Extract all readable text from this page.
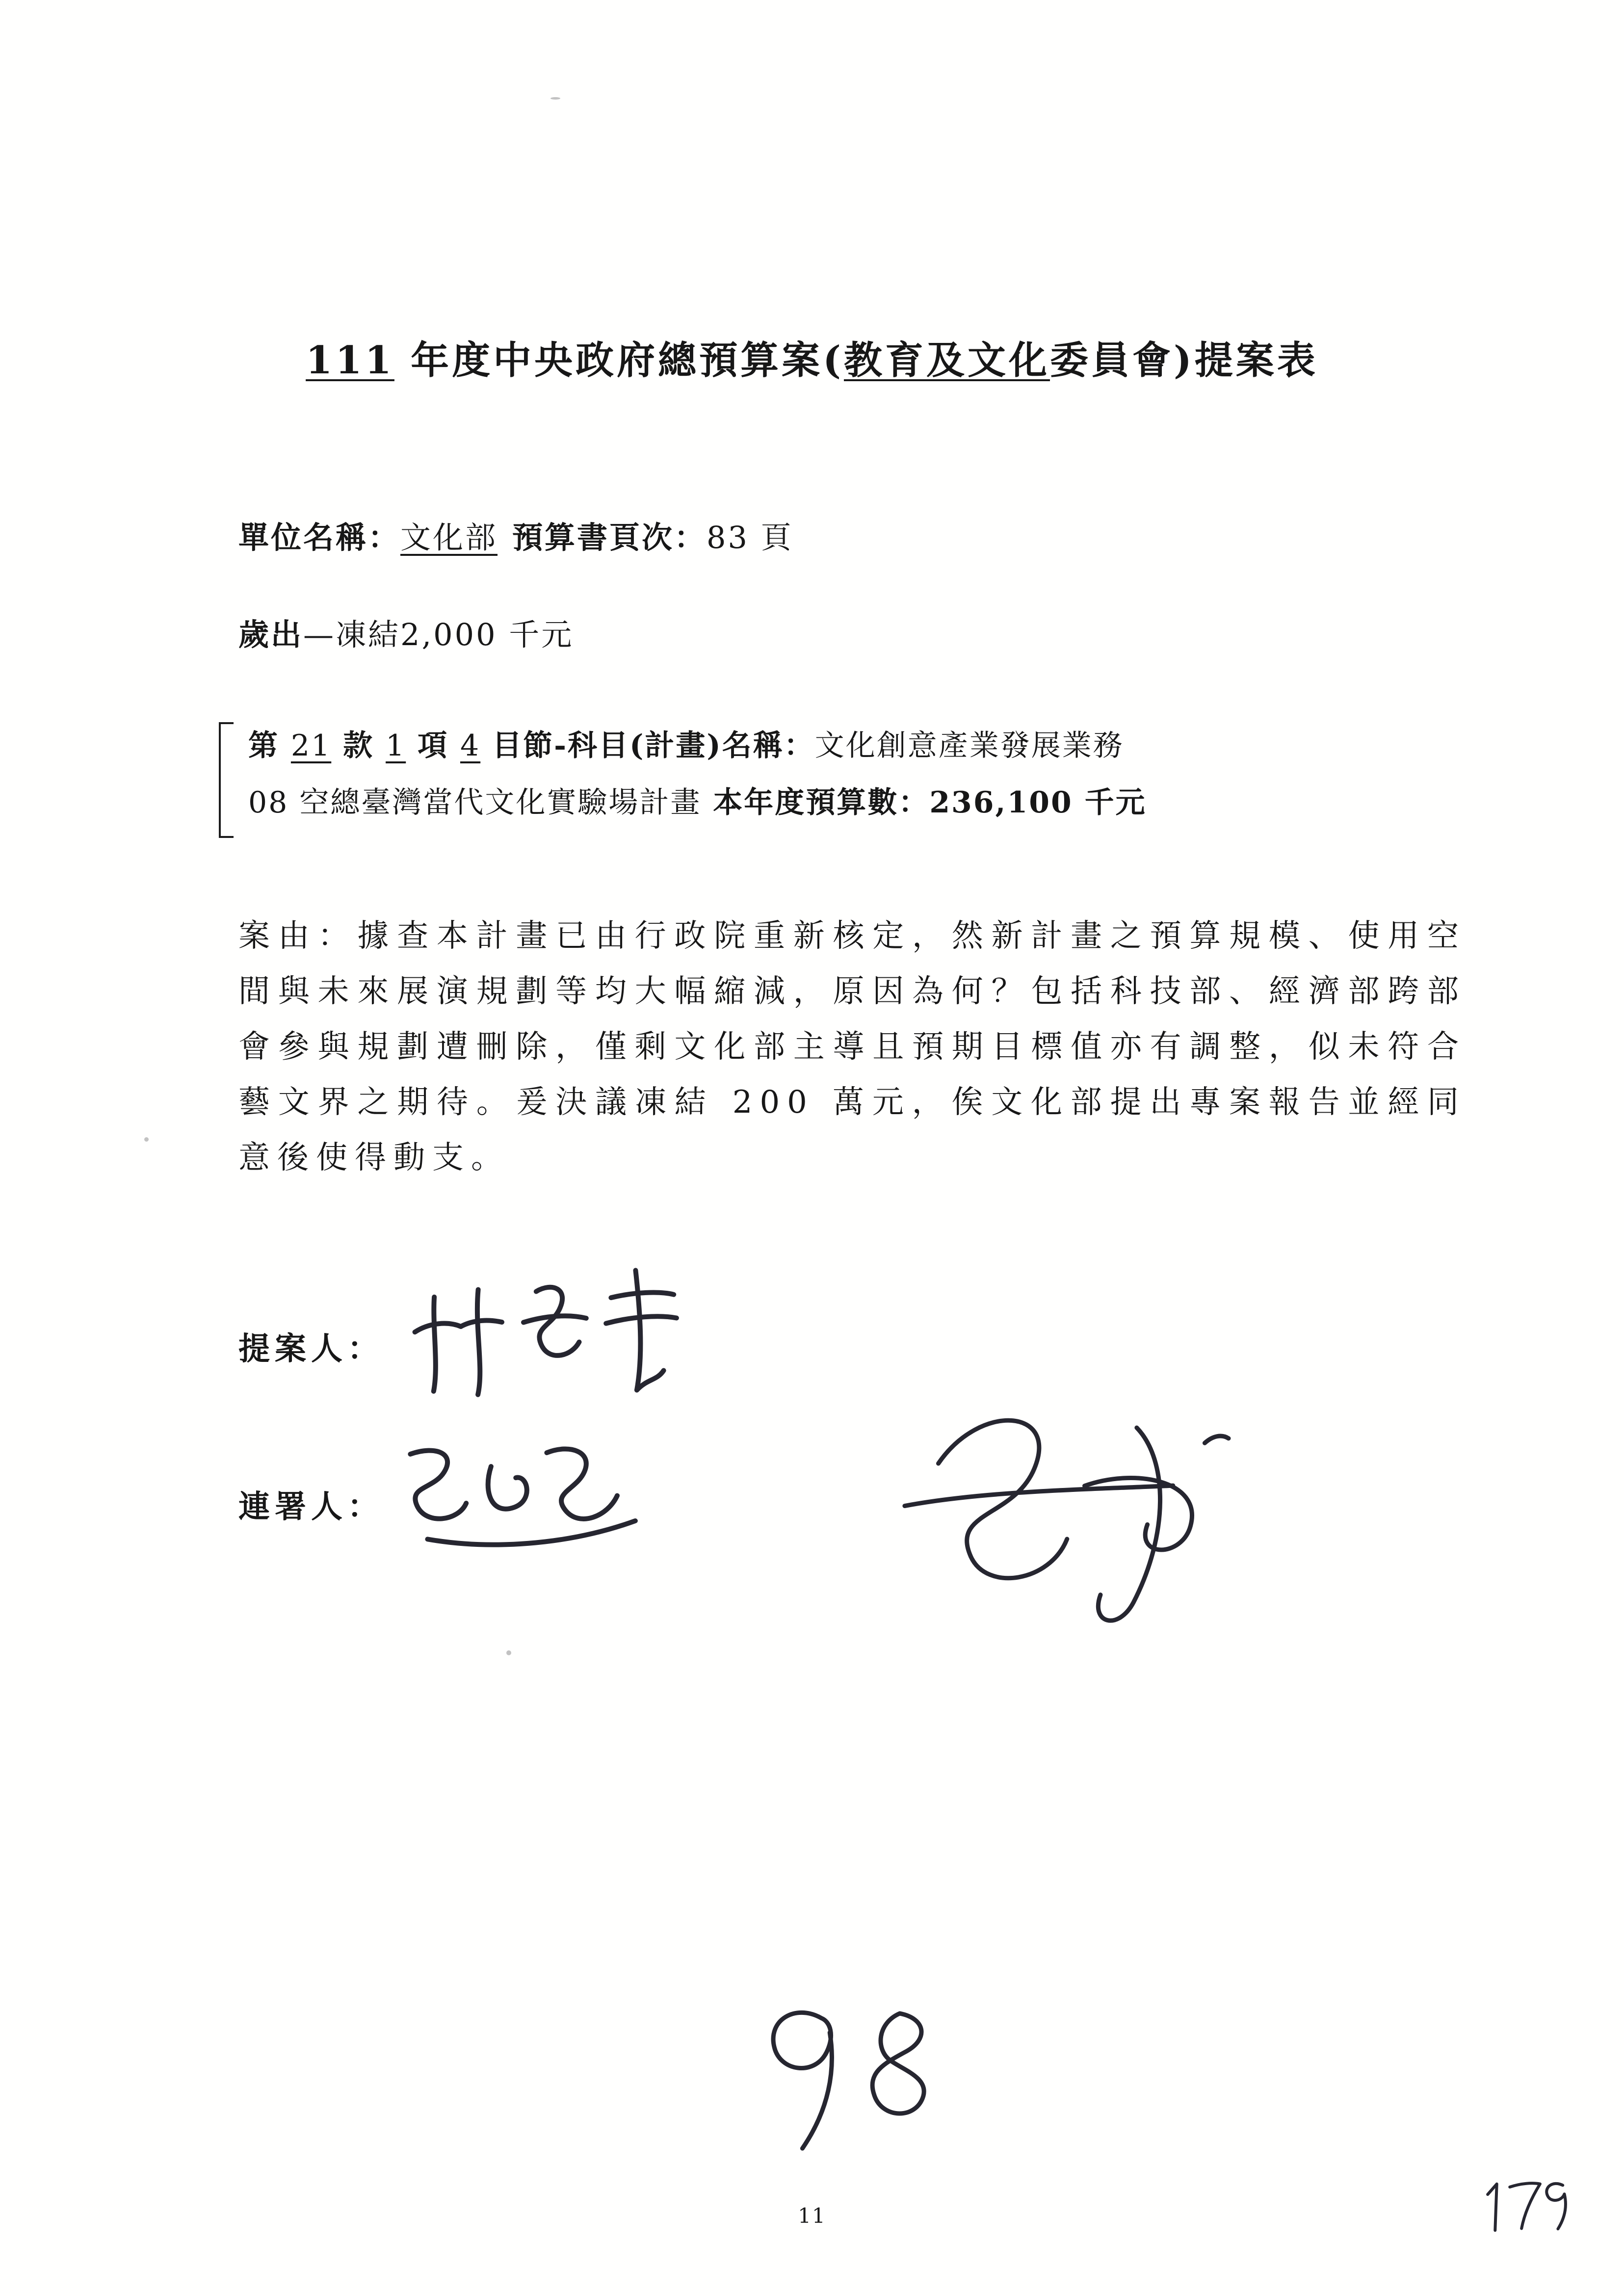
111 年度中央政府總預算案(教育及文化委員會)提案表
單位名稱：文化部 預算書頁次：83 頁
歲出—凍結2,000 千元
第 21 款 1 項 4 目節-科目(計畫)名稱：文化創意產業發展業務
08 空總臺灣當代文化實驗場計畫 本年度預算數：236,100 千元

案由：據查本計畫已由行政院重新核定，然新計畫之預算規模、使用空間與未來展演規劃等均大幅縮減，原因為何？包括科技部、經濟部跨部會參與規劃遭刪除，僅剩文化部主導且預期目標值亦有調整，似未符合藝文界之期待。爰決議凍結 200 萬元，俟文化部提出專案報告並經同意後使得動支。

提案人：
連署人：
11
